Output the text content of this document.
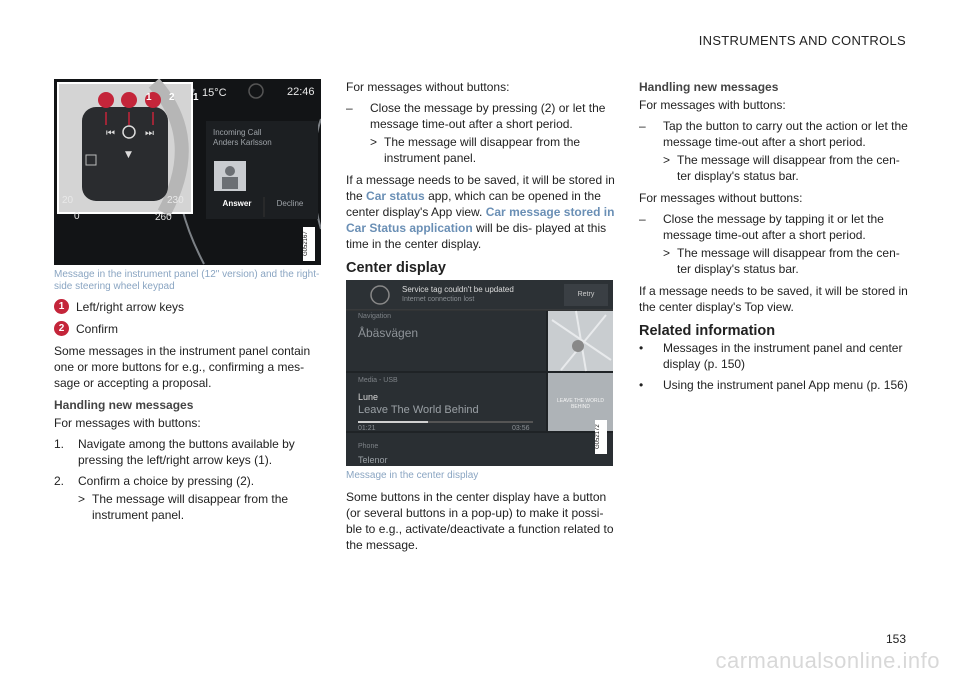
INSTRUMENTS AND CONTROLS
⏮	⏭
▼
1 2 1 15°C	22:46
Incoming Call
Anders Karlsson
Answer	Decline
20	230
0	260
G052167
Message in the instrument panel (12" version) and the right-side steering wheel keypad
1 Left/right arrow keys
2 Confirm

Some messages in the instrument panel contain one or more buttons for e.g., confirming a mes- sage or accepting a proposal.

Handling new messages

For messages with buttons:

1.	Navigate among the buttons available by pressing the left/right arrow keys (1).
2.	Confirm a choice by pressing (2).
> The message will disappear from the instrument panel.

For messages without buttons:

–	Close the message by pressing (2) or let the message time-out after a short period.
> The message will disappear from the instrument panel.

If a message needs to be saved, it will be stored in the Car status app, which can be opened in the center display's App view. Car message stored in Car Status application will be dis- played at this time in the center display.

Center display

Service tag couldn't be updated
Internet connection lost
Retry
Navigation
Åbäsvägen
Media - USB
Lune
Leave The World Behind
01:21	03:56
LEAVE THE WORLD BEHIND
Phone
Telenor
G052172
Message in the center display
Some buttons in the center display have a button (or several buttons in a pop-up) to make it possi- ble to e.g., activate/deactivate a function related to the message.

Handling new messages

For messages with buttons:

–	Tap the button to carry out the action or let the message time-out after a short period.
> The message will disappear from the cen- ter display's status bar.

For messages without buttons:

–	Close the message by tapping it or let the message time-out after a short period.
> The message will disappear from the cen- ter display's status bar.

If a message needs to be saved, it will be stored in the center display's Top view.

Related information

•	Messages in the instrument panel and center display (p. 150)
•	Using the instrument panel App menu (p. 156)
153
carmanualsonline.info
